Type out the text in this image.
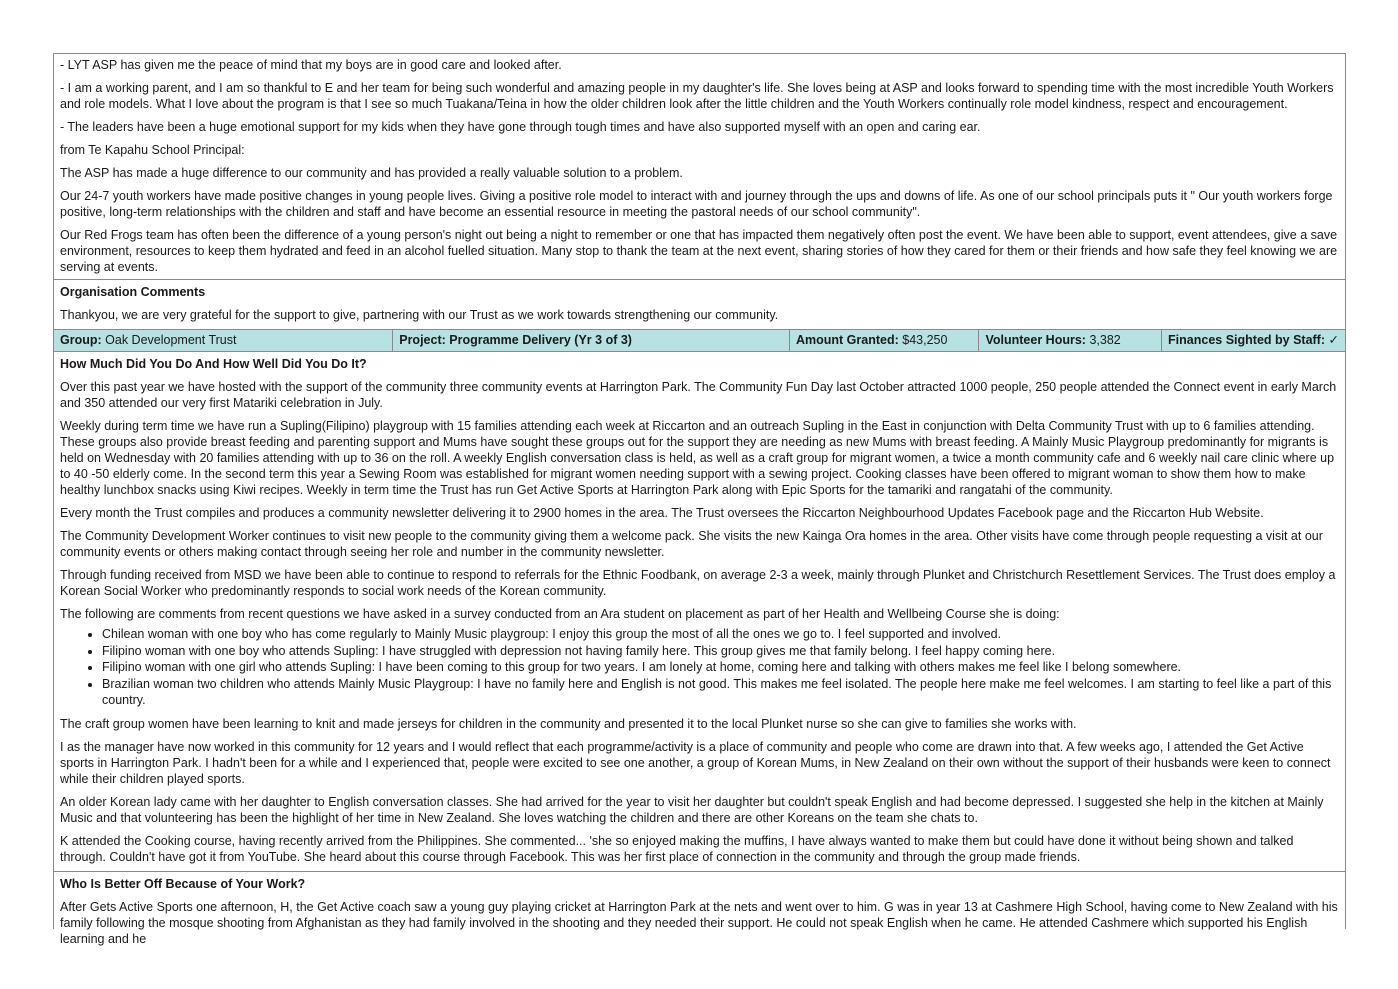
- LYT ASP has given me the peace of mind that my boys are in good care and looked after.

- I am a working parent, and I am so thankful to E and her team for being such wonderful and amazing people in my daughter's life. She loves being at ASP and looks forward to spending time with the most incredible Youth Workers and role models. What I love about the program is that I see so much Tuakana/Teina in how the older children look after the little children and the Youth Workers continually role model kindness, respect and encouragement.

- The leaders have been a huge emotional support for my kids when they have gone through tough times and have also supported myself with an open and caring ear.

from Te Kapahu School Principal:

The ASP has made a huge difference to our community and has provided a really valuable solution to a problem.

Our 24-7 youth workers have made positive changes in young people lives. Giving a positive role model to interact with and journey through the ups and downs of life. As one of our school principals puts it " Our youth workers forge positive, long-term relationships with the children and staff and have become an essential resource in meeting the pastoral needs of our school community".

Our Red Frogs team has often been the difference of a young person's night out being a night to remember or one that has impacted them negatively often post the event. We have been able to support, event attendees, give a save environment, resources to keep them hydrated and feed in an alcohol fuelled situation. Many stop to thank the team at the next event, sharing stories of how they cared for them or their friends and how safe they feel knowing we are serving at events.

Organisation Comments

Thankyou, we are very grateful for the support to give, partnering with our Trust as we work towards strengthening our community.

Group: Oak Development Trust	Project: Programme Delivery (Yr 3 of 3)	Amount Granted: $43,250	Volunteer Hours: 3,382	Finances Sighted by Staff: ✓

How Much Did You Do And How Well Did You Do It?

Over this past year we have hosted with the support of the community three community events at Harrington Park. The Community Fun Day last October attracted 1000 people, 250 people attended the Connect event in early March and 350 attended our very first Matariki celebration in July.

Weekly during term time we have run a Supling(Filipino) playgroup with 15 families attending each week at Riccarton and an outreach Supling in the East in conjunction with Delta Community Trust with up to 6 families attending. These groups also provide breast feeding and parenting support and Mums have sought these groups out for the support they are needing as new Mums with breast feeding. A Mainly Music Playgroup predominantly for migrants is held on Wednesday with 20 families attending with up to 36 on the roll. A weekly English conversation class is held, as well as a craft group for migrant women, a twice a month community cafe and 6 weekly nail care clinic where up to 40 -50 elderly come. In the second term this year a Sewing Room was established for migrant women needing support with a sewing project. Cooking classes have been offered to migrant woman to show them how to make healthy lunchbox snacks using Kiwi recipes. Weekly in term time the Trust has run Get Active Sports at Harrington Park along with Epic Sports for the tamariki and rangatahi of the community.

Every month the Trust compiles and produces a community newsletter delivering it to 2900 homes in the area. The Trust oversees the Riccarton Neighbourhood Updates Facebook page and the Riccarton Hub Website.

The Community Development Worker continues to visit new people to the community giving them a welcome pack. She visits the new Kainga Ora homes in the area. Other visits have come through people requesting a visit at our community events or others making contact through seeing her role and number in the community newsletter.

Through funding received from MSD we have been able to continue to respond to referrals for the Ethnic Foodbank, on average 2-3 a week, mainly through Plunket and Christchurch Resettlement Services. The Trust does employ a Korean Social Worker who predominantly responds to social work needs of the Korean community.

The following are comments from recent questions we have asked in a survey conducted from an Ara student on placement as part of her Health and Wellbeing Course she is doing:

• Chilean woman with one boy who has come regularly to Mainly Music playgroup: I enjoy this group the most of all the ones we go to. I feel supported and involved.
• Filipino woman with one boy who attends Supling: I have struggled with depression not having family here. This group gives me that family belong. I feel happy coming here.
• Filipino woman with one girl who attends Supling: I have been coming to this group for two years. I am lonely at home, coming here and talking with others makes me feel like I belong somewhere.
• Brazilian woman two children who attends Mainly Music Playgroup: I have no family here and English is not good. This makes me feel isolated. The people here make me feel welcomes. I am starting to feel like a part of this country.

The craft group women have been learning to knit and made jerseys for children in the community and presented it to the local Plunket nurse so she can give to families she works with.

I as the manager have now worked in this community for 12 years and I would reflect that each programme/activity is a place of community and people who come are drawn into that. A few weeks ago, I attended the Get Active sports in Harrington Park. I hadn't been for a while and I experienced that, people were excited to see one another, a group of Korean Mums, in New Zealand on their own without the support of their husbands were keen to connect while their children played sports.

An older Korean lady came with her daughter to English conversation classes. She had arrived for the year to visit her daughter but couldn't speak English and had become depressed. I suggested she help in the kitchen at Mainly Music and that volunteering has been the highlight of her time in New Zealand. She loves watching the children and there are other Koreans on the team she chats to.

K attended the Cooking course, having recently arrived from the Philippines. She commented... 'she so enjoyed making the muffins, I have always wanted to make them but could have done it without being shown and talked through. Couldn't have got it from YouTube. She heard about this course through Facebook. This was her first place of connection in the community and through the group made friends.

Who Is Better Off Because of Your Work?

After Gets Active Sports one afternoon, H, the Get Active coach saw a young guy playing cricket at Harrington Park at the nets and went over to him. G was in year 13 at Cashmere High School, having come to New Zealand with his family following the mosque shooting from Afghanistan as they had family involved in the shooting and they needed their support. He could not speak English when he came. He attended Cashmere which supported his English learning and he
